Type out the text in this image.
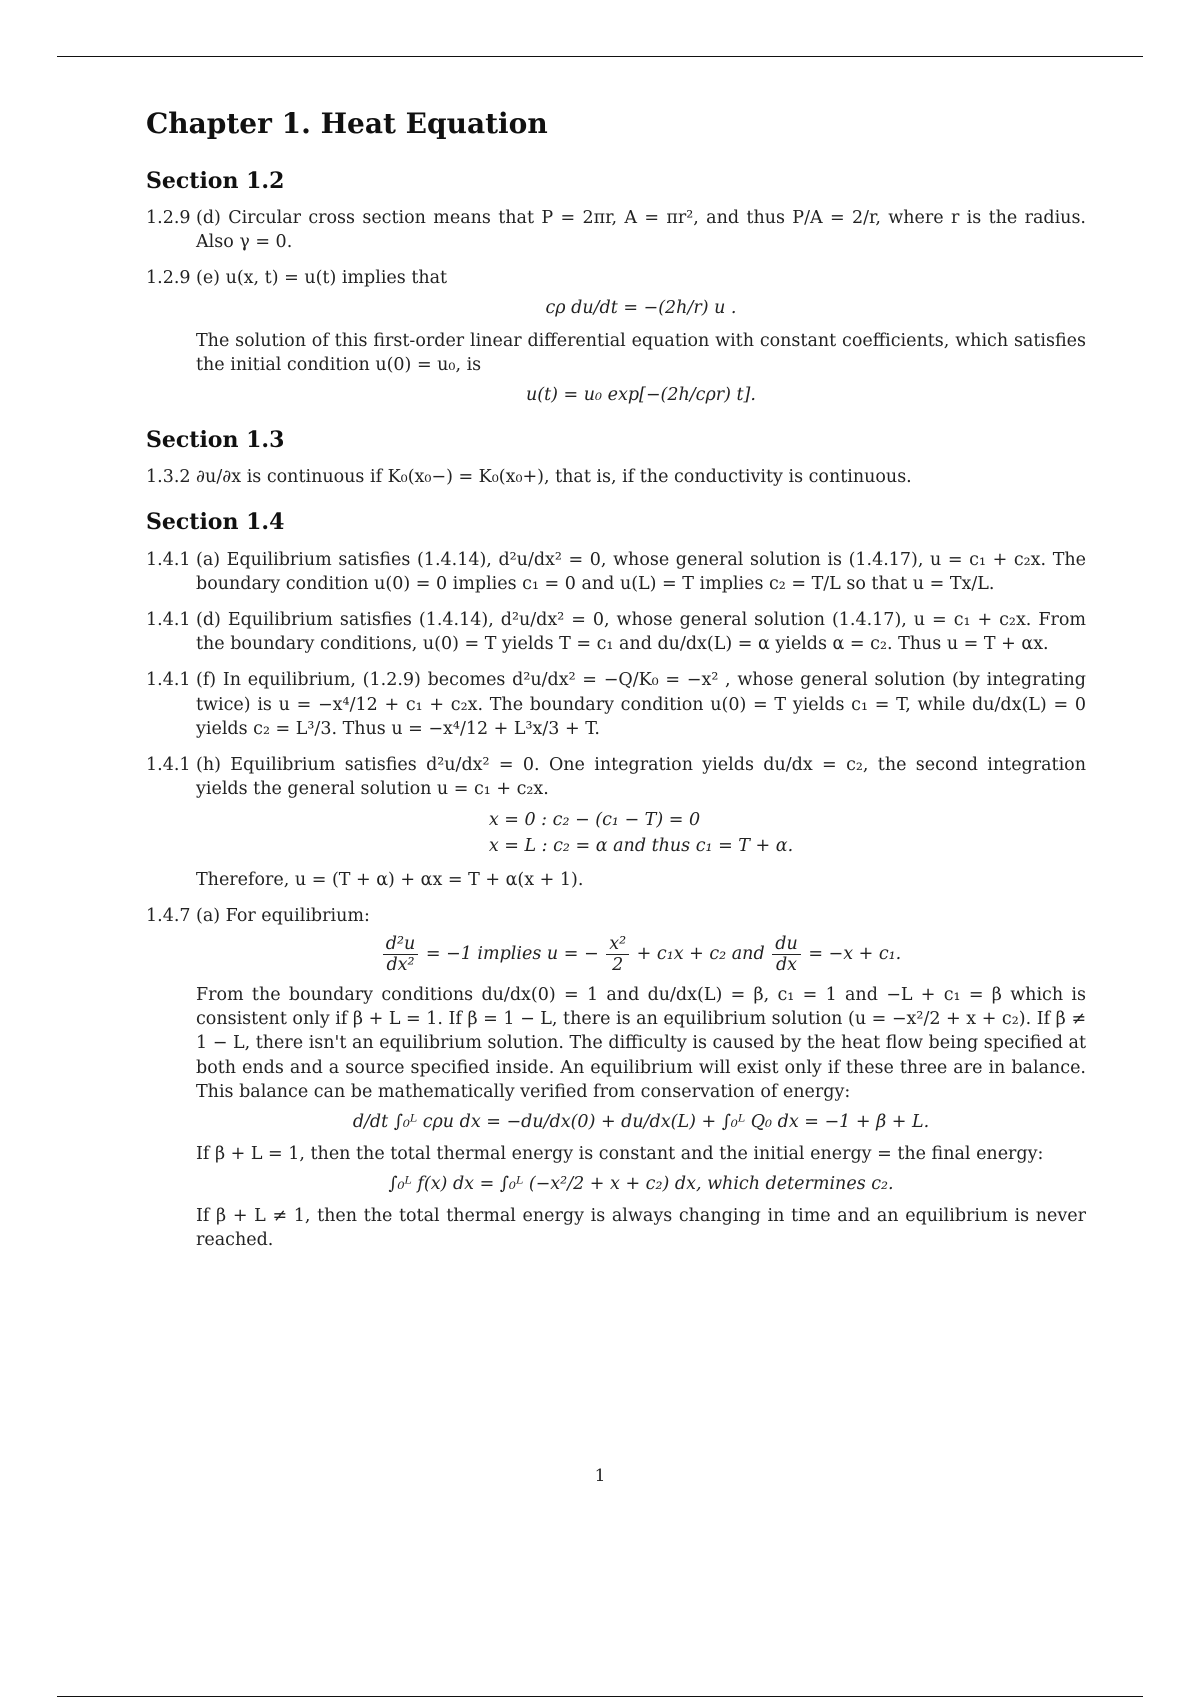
Chapter 1. Heat Equation
Section 1.2

1.2.9 (d) Circular cross section means that P = 2πr, A = πr², and thus P/A = 2/r, where r is the radius. Also γ = 0.

1.2.9 (e) u(x, t) = u(t) implies that

cρ du/dt = −(2h/r) u .

The solution of this first-order linear differential equation with constant coefficients, which satisfies the initial condition u(0) = u₀, is

u(t) = u₀ exp[−(2h/cρr) t].
Section 1.3

1.3.2 ∂u/∂x is continuous if K₀(x₀−) = K₀(x₀+), that is, if the conductivity is continuous.

Section 1.4

1.4.1 (a) Equilibrium satisfies (1.4.14), d²u/dx² = 0, whose general solution is (1.4.17), u = c₁ + c₂x. The boundary condition u(0) = 0 implies c₁ = 0 and u(L) = T implies c₂ = T/L so that u = Tx/L.

1.4.1 (d) Equilibrium satisfies (1.4.14), d²u/dx² = 0, whose general solution (1.4.17), u = c₁ + c₂x. From the boundary conditions, u(0) = T yields T = c₁ and du/dx(L) = α yields α = c₂. Thus u = T + αx.

1.4.1 (f) In equilibrium, (1.2.9) becomes d²u/dx² = −Q/K₀ = −x² , whose general solution (by integrating twice) is u = −x⁴/12 + c₁ + c₂x. The boundary condition u(0) = T yields c₁ = T, while du/dx(L) = 0 yields c₂ = L³/3. Thus u = −x⁴/12 + L³x/3 + T.

1.4.1 (h) Equilibrium satisfies d²u/dx² = 0. One integration yields du/dx = c₂, the second integration yields the general solution u = c₁ + c₂x.

x = 0 : c₂ − (c₁ − T) = 0
x = L : c₂ = α and thus c₁ = T + α.

Therefore, u = (T + α) + αx = T + α(x + 1).

1.4.7 (a) For equilibrium:

$\frac{\text{d²u}}{\text{dx²}} = -1$ implies u = − $\frac{\text{x²}}{2} + c_1x + c_2$ and $\frac{du}{dx} = -x + c_1$.

From the boundary conditions du/dx(0) = 1 and du/dx(L) = β, c₁ = 1 and −L + c₁ = β which is consistent only if β + L = 1. If β = 1 − L, there is an equilibrium solution (u = −x²/2 + x + c₂). If β ≠ 1 − L, there isn't an equilibrium solution. The difficulty is caused by the heat flow being specified at both ends and a source specified inside. An equilibrium will exist only if these three are in balance. This balance can be mathematically verified from conservation of energy:

d/dt ∫₀ᴸ cρu dx = −du/dx(0) + du/dx(L) + ∫₀ᴸ Q₀ dx = −1 + β + L.

If β + L = 1, then the total thermal energy is constant and the initial energy = the final energy:

∫₀ᴸ f(x) dx = ∫₀ᴸ (−x²/2 + x + c₂) dx, which determines c₂.

If β + L ≠ 1, then the total thermal energy is always changing in time and an equilibrium is never reached.

1
